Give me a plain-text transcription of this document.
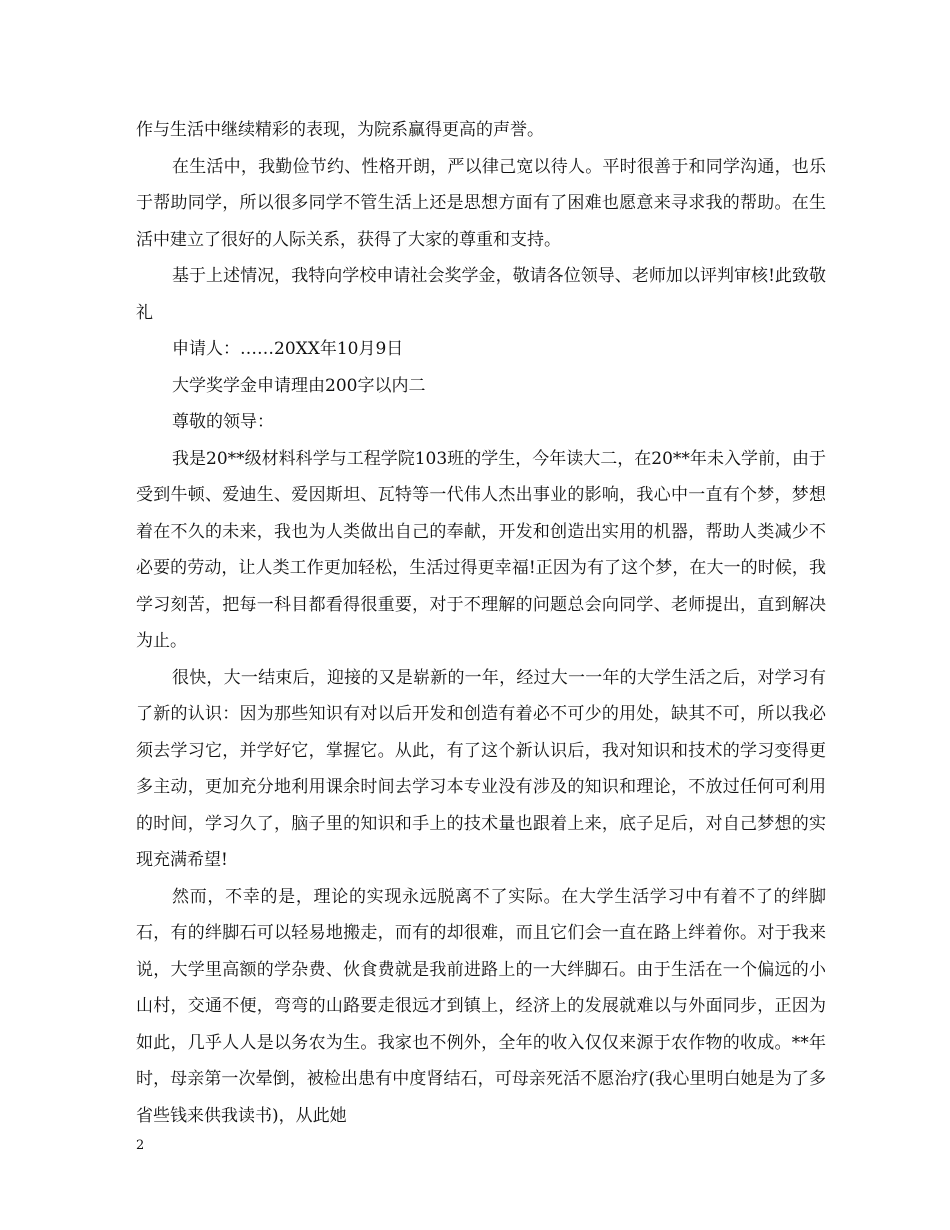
作与生活中继续精彩的表现，为院系赢得更高的声誉。

在生活中，我勤俭节约、性格开朗，严以律己宽以待人。平时很善于和同学沟通，也乐于帮助同学，所以很多同学不管生活上还是思想方面有了困难也愿意来寻求我的帮助。在生活中建立了很好的人际关系，获得了大家的尊重和支持。

基于上述情况，我特向学校申请社会奖学金，敬请各位领导、老师加以评判审核!此致敬礼

申请人：……20XX年10月9日

大学奖学金申请理由200字以内二

尊敬的领导：

我是20**级材料科学与工程学院103班的学生，今年读大二，在20**年未入学前，由于受到牛顿、爱迪生、爱因斯坦、瓦特等一代伟人杰出事业的影响，我心中一直有个梦，梦想着在不久的未来，我也为人类做出自己的奉献，开发和创造出实用的机器，帮助人类减少不必要的劳动，让人类工作更加轻松，生活过得更幸福!正因为有了这个梦，在大一的时候，我学习刻苦，把每一科目都看得很重要，对于不理解的问题总会向同学、老师提出，直到解决为止。

很快，大一结束后，迎接的又是崭新的一年，经过大一一年的大学生活之后，对学习有了新的认识：因为那些知识有对以后开发和创造有着必不可少的用处，缺其不可，所以我必须去学习它，并学好它，掌握它。从此，有了这个新认识后，我对知识和技术的学习变得更多主动，更加充分地利用课余时间去学习本专业没有涉及的知识和理论，不放过任何可利用的时间，学习久了，脑子里的知识和手上的技术量也跟着上来，底子足后，对自己梦想的实现充满希望!

然而，不幸的是，理论的实现永远脱离不了实际。在大学生活学习中有着不了的绊脚石，有的绊脚石可以轻易地搬走，而有的却很难，而且它们会一直在路上绊着你。对于我来说，大学里高额的学杂费、伙食费就是我前进路上的一大绊脚石。由于生活在一个偏远的小山村，交通不便，弯弯的山路要走很远才到镇上，经济上的发展就难以与外面同步，正因为如此，几乎人人是以务农为生。我家也不例外，全年的收入仅仅来源于农作物的收成。**年时，母亲第一次晕倒，被检出患有中度肾结石，可母亲死活不愿治疗(我心里明白她是为了多省些钱来供我读书)，从此她

2
